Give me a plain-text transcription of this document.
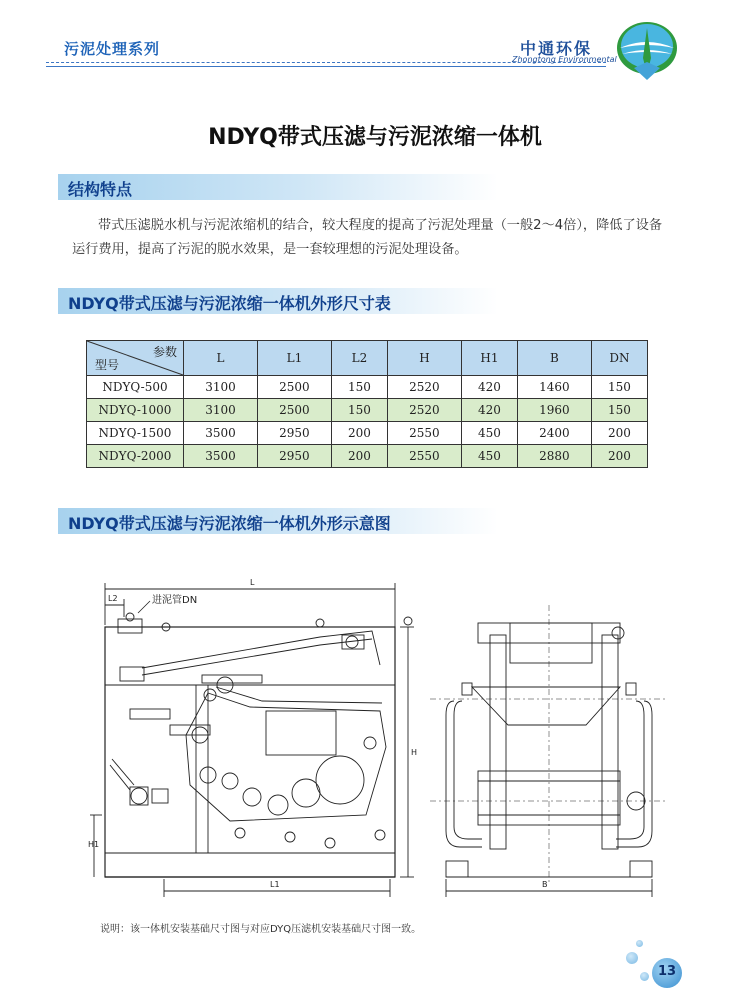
污泥处理系列	中通环保
Zhongtong Environmental
NDYQ带式压滤与污泥浓缩一体机
结构特点

带式压滤脱水机与污泥浓缩机的结合，较大程度的提高了污泥处理量（一般2～4倍），降低了设备

运行费用，提高了污泥的脱水效果，是一套较理想的污泥处理设备。

NDYQ带式压滤与污泥浓缩一体机外形尺寸表
参数
型号	L	L1	L2	H	H1	B	DN
NDYQ-500	3100	2500	150	2520	420	1460	150
NDYQ-1000	3100	2500	150	2520	420	1960	150
NDYQ-1500	3500	2950	200	2550	450	2400	200
NDYQ-2000	3500	2950	200	2550	450	2880	200
NDYQ带式压滤与污泥浓缩一体机外形示意图
L
L2	进泥管DN
H
H1
L1	B
说明：该一体机安装基础尺寸图与对应DYQ压滤机安装基础尺寸图一致。
13
